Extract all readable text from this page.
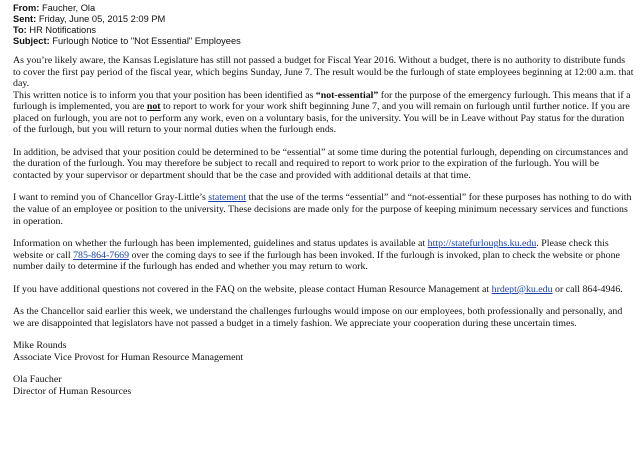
From: Faucher, Ola
Sent: Friday, June 05, 2015 2:09 PM
To: HR Notifications
Subject: Furlough Notice to "Not Essential" Employees

As you’re likely aware, the Kansas Legislature has still not passed a budget for Fiscal Year 2016. Without a budget, there is no authority to distribute funds to cover the first pay period of the fiscal year, which begins Sunday, June 7. The result would be the furlough of state employees beginning at 12:00 a.m. that day.

This written notice is to inform you that your position has been identified as “not-essential” for the purpose of the emergency furlough. This means that if a furlough is implemented, you are not to report to work for your work shift beginning June 7, and you will remain on furlough until further notice. If you are placed on furlough, you are not to perform any work, even on a voluntary basis, for the university. You will be in Leave without Pay status for the duration of the furlough, but you will return to your normal duties when the furlough ends.

In addition, be advised that your position could be determined to be “essential” at some time during the potential furlough, depending on circumstances and the duration of the furlough. You may therefore be subject to recall and required to report to work prior to the expiration of the furlough. You will be contacted by your supervisor or department should that be the case and provided with additional details at that time.

I want to remind you of Chancellor Gray-Little’s statement that the use of the terms “essential” and “not-essential” for these purposes has nothing to do with the value of an employee or position to the university. These decisions are made only for the purpose of keeping minimum necessary services and functions in operation.

Information on whether the furlough has been implemented, guidelines and status updates is available at http://statefurloughs.ku.edu. Please check this website or call 785-864-7669 over the coming days to see if the furlough has been invoked. If the furlough is invoked, plan to check the website or phone number daily to determine if the furlough has ended and whether you may return to work.

If you have additional questions not covered in the FAQ on the website, please contact Human Resource Management at hrdept@ku.edu or call 864-4946.

As the Chancellor said earlier this week, we understand the challenges furloughs would impose on our employees, both professionally and personally, and we are disappointed that legislators have not passed a budget in a timely fashion. We appreciate your cooperation during these uncertain times.

Mike Rounds
Associate Vice Provost for Human Resource Management
Ola Faucher
Director of Human Resources
